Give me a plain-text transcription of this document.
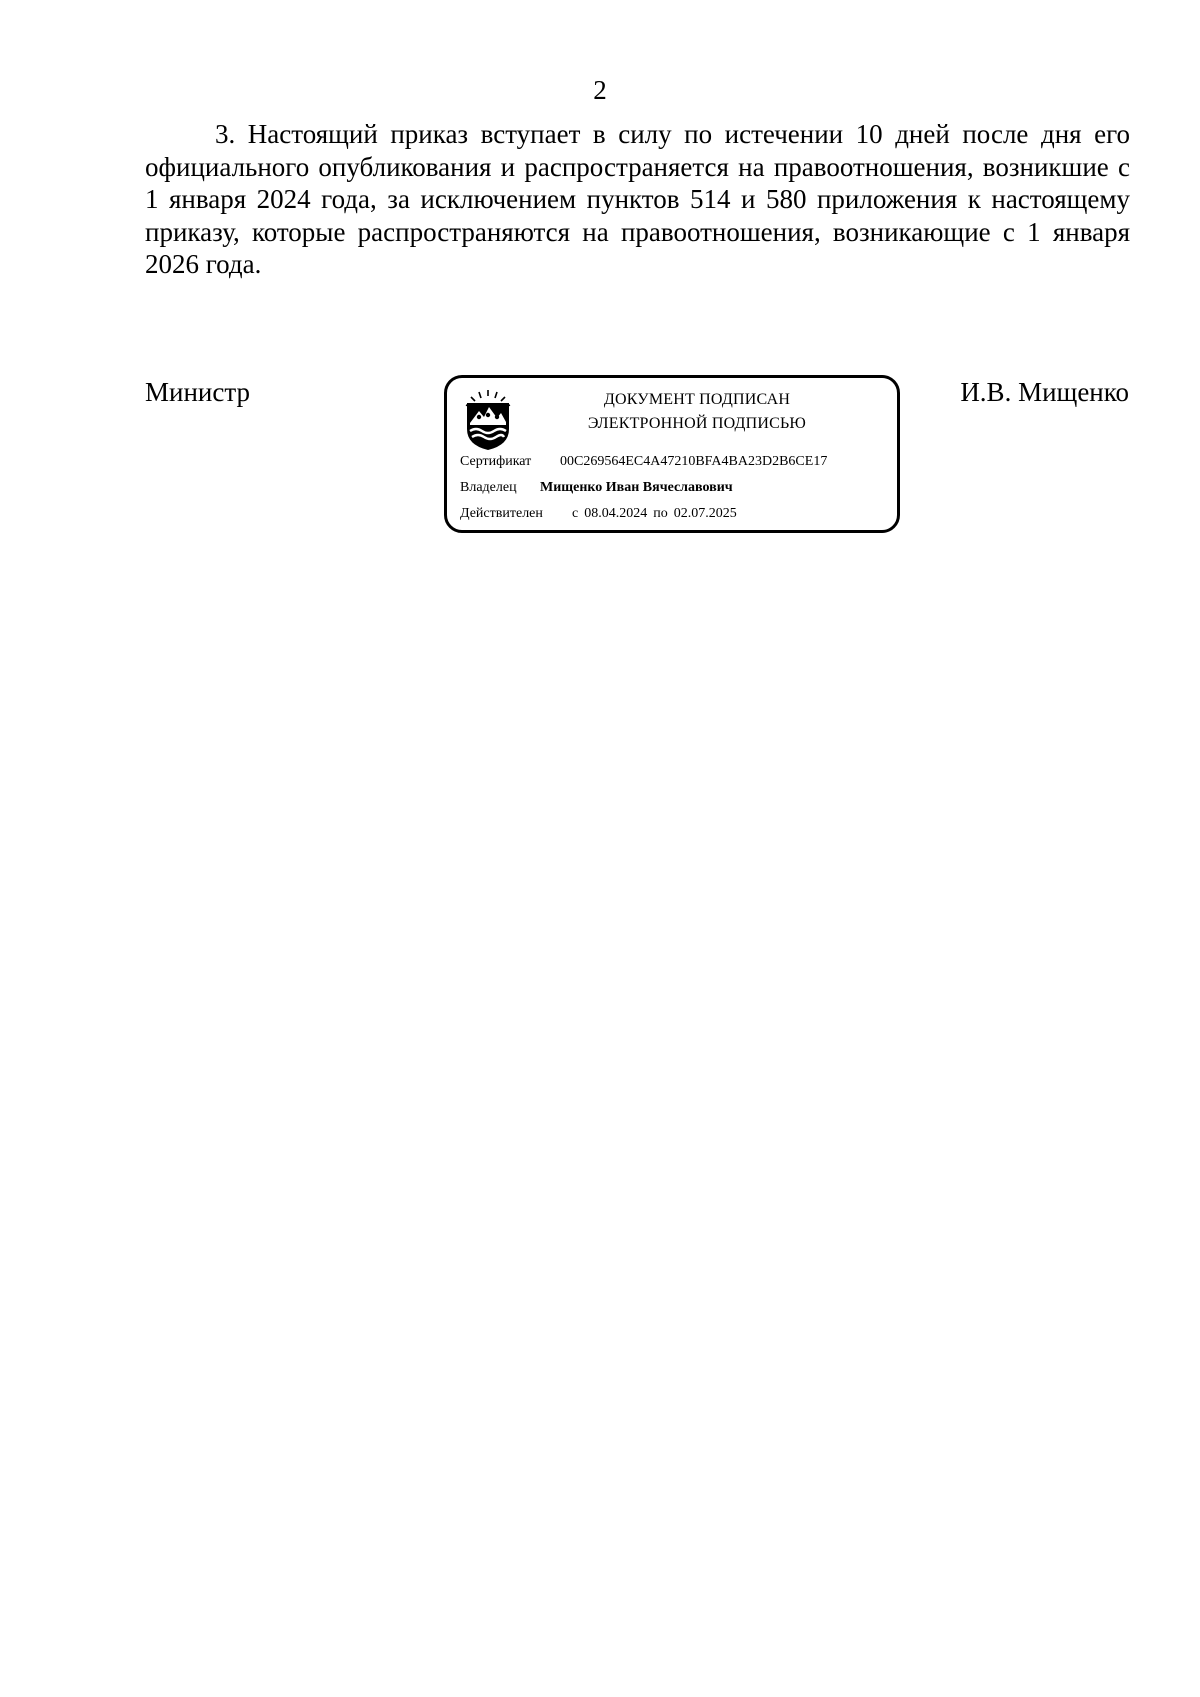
2

3. Настоящий приказ вступает в силу по истечении 10 дней после дня его официального опубликования и распространяется на правоотношения, возникшие с 1 января 2024 года, за исключением пунктов 514 и 580 приложения к настоящему приказу, которые распространяются на правоотношения, возникающие с 1 января 2026 года.

Министр	ДОКУМЕНТ ПОДПИСАН
ЭЛЕКТРОННОЙ ПОДПИСЬЮ
Сертификат 00C269564EC4A47210BFA4BA23D2B6CE17
Владелец Мищенко Иван Вячеславович
Действителен с 08.04.2024 по 02.07.2025
И.В. Мищенко
